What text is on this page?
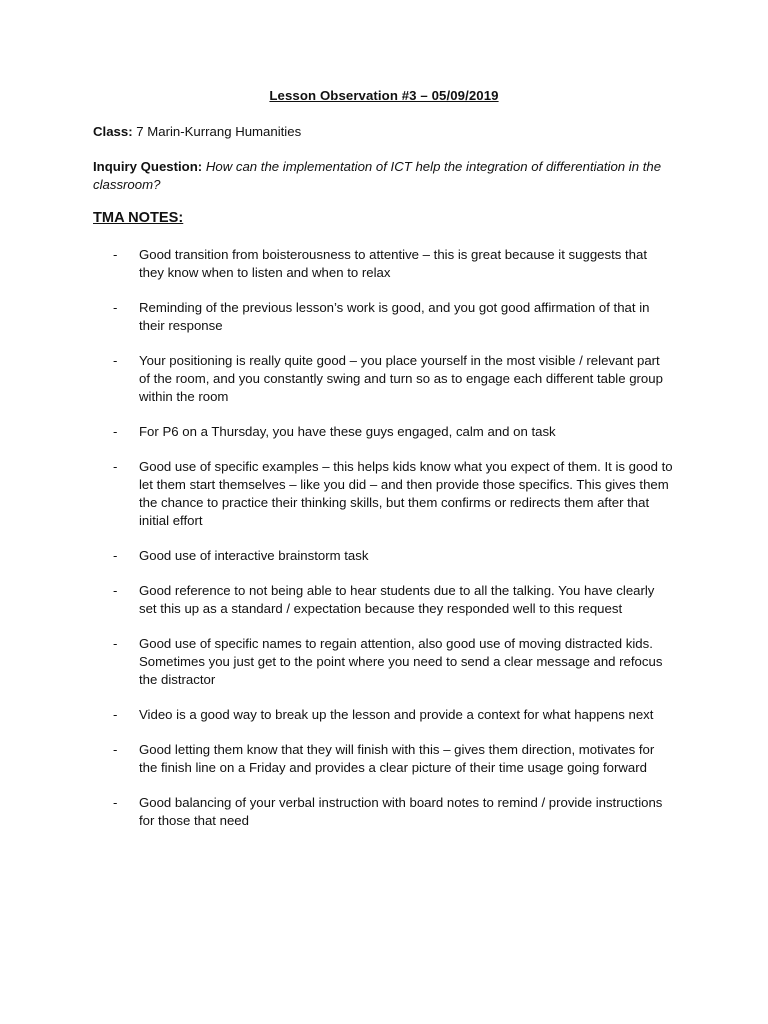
Lesson Observation #3 – 05/09/2019
Class: 7 Marin-Kurrang Humanities
Inquiry Question: How can the implementation of ICT help the integration of differentiation in the classroom?
TMA NOTES:
-	Good transition from boisterousness to attentive – this is great because it suggests that they know when to listen and when to relax
-	Reminding of the previous lesson’s work is good, and you got good affirmation of that in their response
-	Your positioning is really quite good – you place yourself in the most visible / relevant part of the room, and you constantly swing and turn so as to engage each different table group within the room
-	For P6 on a Thursday, you have these guys engaged, calm and on task
-	Good use of specific examples – this helps kids know what you expect of them. It is good to let them start themselves – like you did – and then provide those specifics. This gives them the chance to practice their thinking skills, but them confirms or redirects them after that initial effort
-	Good use of interactive brainstorm task
-	Good reference to not being able to hear students due to all the talking. You have clearly set this up as a standard / expectation because they responded well to this request
-	Good use of specific names to regain attention, also good use of moving distracted kids. Sometimes you just get to the point where you need to send a clear message and refocus the distractor
-	Video is a good way to break up the lesson and provide a context for what happens next
-	Good letting them know that they will finish with this – gives them direction, motivates for the finish line on a Friday and provides a clear picture of their time usage going forward
-	Good balancing of your verbal instruction with board notes to remind / provide instructions for those that need
